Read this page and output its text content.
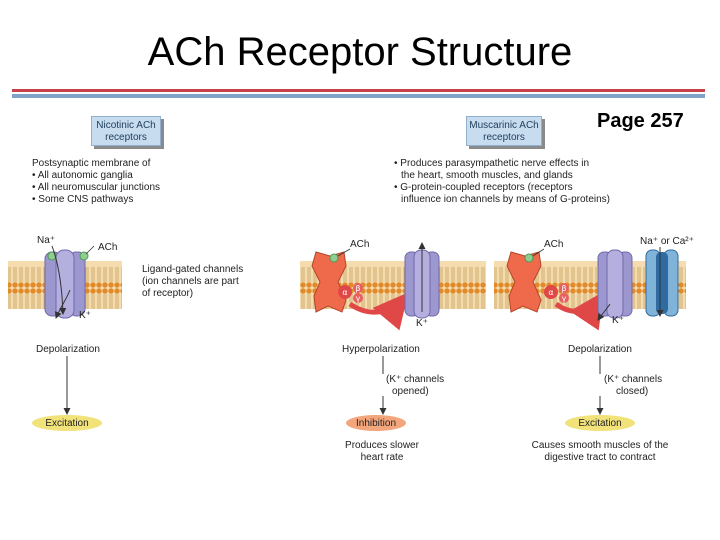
ACh Receptor Structure
Page 257
Nicotinic ACh
receptors
Muscarinic ACh
receptors
Postsynaptic membrane of
• All autonomic ganglia
• All neuromuscular junctions
• Some CNS pathways
• Produces parasympathetic nerve effects in
the heart, smooth muscles, and glands
• G-protein-coupled receptors (receptors
influence ion channels by means of G-proteins)
Na⁺
ACh
K⁺
Ligand-gated channels
(ion channels are part
of receptor)
Depolarization
Excitation
ACh
K⁺
Hyperpolarization
(K⁺ channels
opened)
Inhibition
Produces slower
heart rate
ACh	Na⁺ or Ca²⁺
K⁺
Depolarization
(K⁺ channels
closed)
Excitation
Causes smooth muscles of the
digestive tract to contract
α β
γ
α β
γ
